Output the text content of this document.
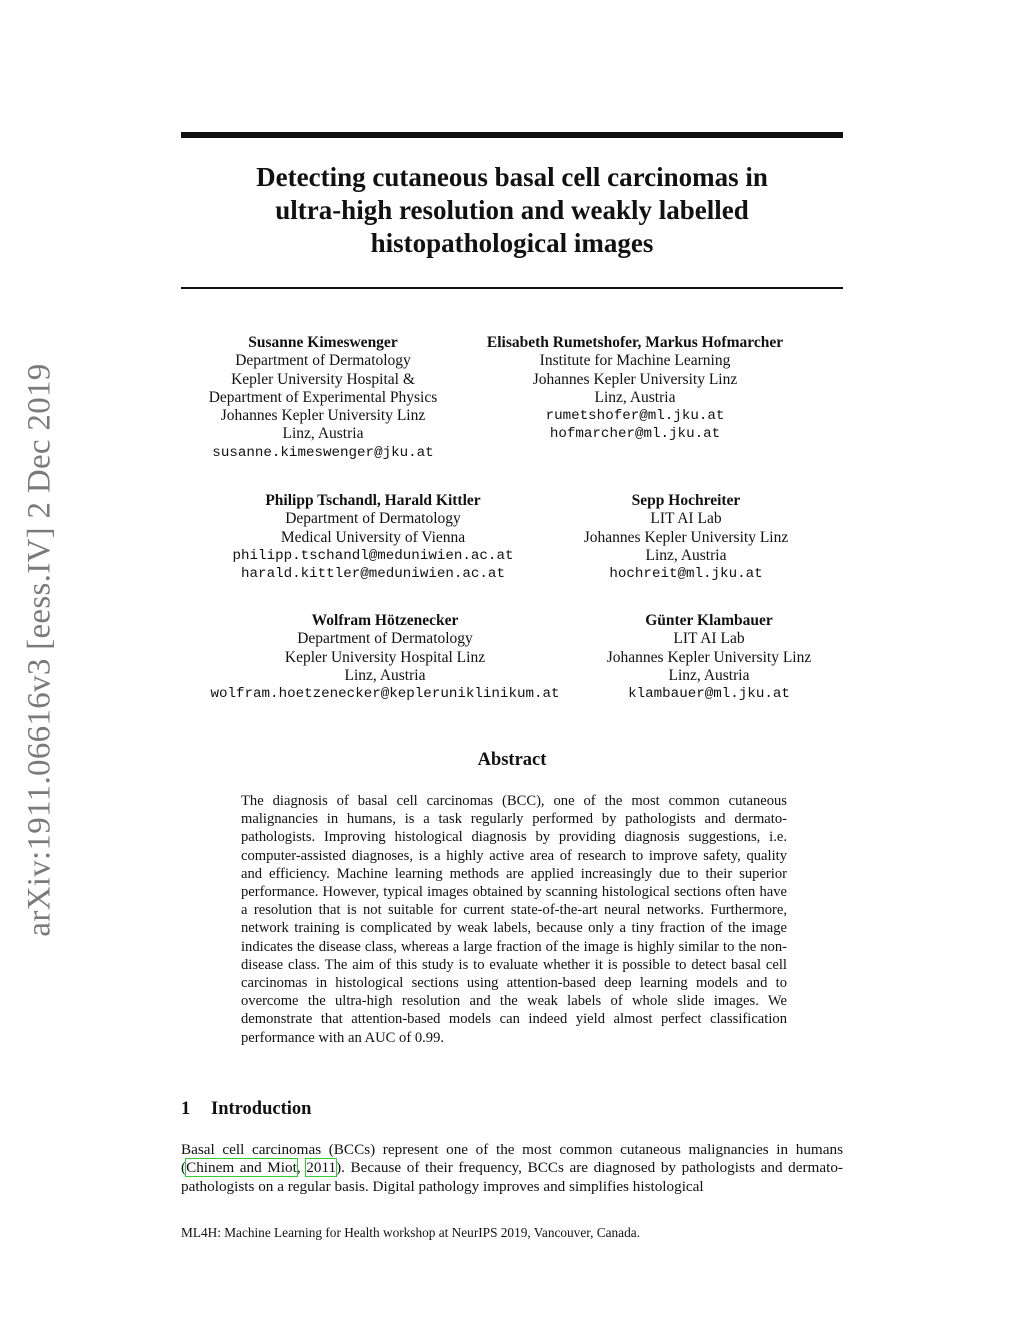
arXiv:1911.06616v3 [eess.IV] 2 Dec 2019
Detecting cutaneous basal cell carcinomas in
ultra-high resolution and weakly labelled
histopathological images
Susanne Kimeswenger
Department of Dermatology
Kepler University Hospital &
Department of Experimental Physics
Johannes Kepler University Linz
Linz, Austria
susanne.kimeswenger@jku.at
Elisabeth Rumetshofer, Markus Hofmarcher
Institute for Machine Learning
Johannes Kepler University Linz
Linz, Austria
rumetshofer@ml.jku.at
hofmarcher@ml.jku.at
Philipp Tschandl, Harald Kittler
Department of Dermatology
Medical University of Vienna
philipp.tschandl@meduniwien.ac.at
harald.kittler@meduniwien.ac.at
Sepp Hochreiter
LIT AI Lab
Johannes Kepler University Linz
Linz, Austria
hochreit@ml.jku.at
Wolfram Hötzenecker
Department of Dermatology
Kepler University Hospital Linz
Linz, Austria
wolfram.hoetzenecker@kepleruniklinikum.at
Günter Klambauer
LIT AI Lab
Johannes Kepler University Linz
Linz, Austria
klambauer@ml.jku.at
Abstract
The diagnosis of basal cell carcinomas (BCC), one of the most common cutaneous malignancies in humans, is a task regularly performed by pathologists and dermato-pathologists. Improving histological diagnosis by providing diagnosis suggestions, i.e. computer-assisted diagnoses, is a highly active area of research to improve safety, quality and efficiency. Machine learning methods are applied increasingly due to their superior performance. However, typical images obtained by scanning histological sections often have a resolution that is not suitable for current state-of-the-art neural networks. Furthermore, network training is complicated by weak labels, because only a tiny fraction of the image indicates the disease class, whereas a large fraction of the image is highly similar to the non-disease class. The aim of this study is to evaluate whether it is possible to detect basal cell carcinomas in histological sections using attention-based deep learning models and to overcome the ultra-high resolution and the weak labels of whole slide images. We demonstrate that attention-based models can indeed yield almost perfect classification performance with an AUC of 0.99.
1 Introduction
Basal cell carcinomas (BCCs) represent one of the most common cutaneous malignancies in humans (Chinem and Miot, 2011). Because of their frequency, BCCs are diagnosed by pathologists and dermato-pathologists on a regular basis. Digital pathology improves and simplifies histological
ML4H: Machine Learning for Health workshop at NeurIPS 2019, Vancouver, Canada.
